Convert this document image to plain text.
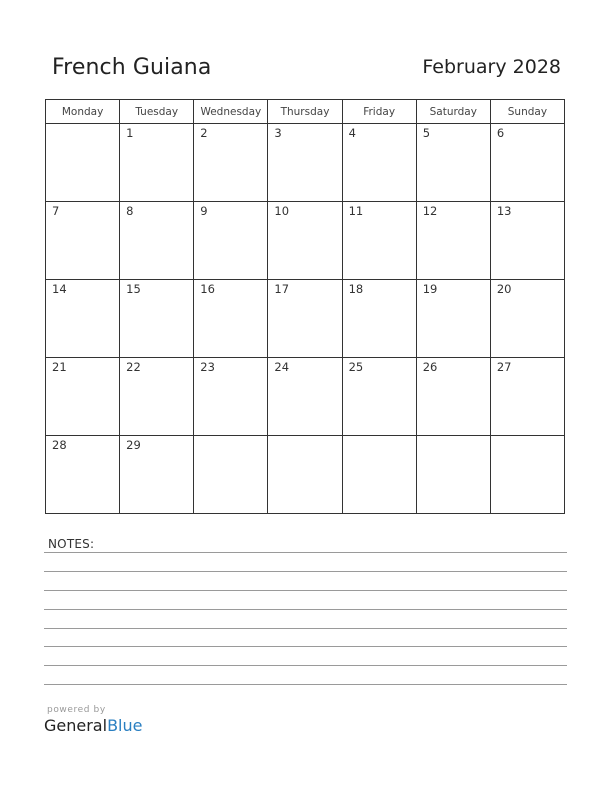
French Guiana	February 2028
Monday	Tuesday	Wednesday	Thursday	Friday	Saturday	Sunday
	1	2	3	4	5	6
7	8	9	10	11	12	13
14	15	16	17	18	19	20
21	22	23	24	25	26	27
28	29					
NOTES:
powered by
GeneralBlue
